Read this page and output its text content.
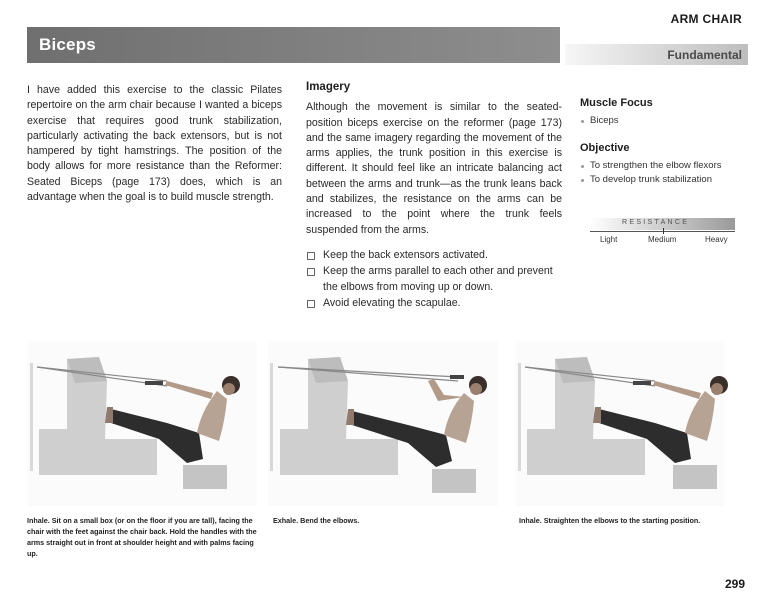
ARM CHAIR
Biceps
Fundamental

I have added this exercise to the classic Pilates repertoire on the arm chair because I wanted a biceps exercise that requires good trunk stabilization, particularly activating the back extensors, but is not hampered by tight hamstrings. The position of the body allows for more resistance than the Reformer: Seated Biceps (page 173) does, which is an advantage when the goal is to build muscle strength.

Imagery

Although the movement is similar to the seated-position biceps exercise on the reformer (page 173) and the same imagery regarding the movement of the arms applies, the trunk position in this exercise is different. It should feel like an intricate balancing act between the arms and trunk—as the trunk leans back and stabilizes, the resistance on the arms can be increased to the point where the trunk feels suspended from the arms.

Keep the back extensors activated.
Keep the arms parallel to each other and prevent the elbows from moving up or down.
Avoid elevating the scapulae.
Muscle Focus
Biceps
Objective
To strengthen the elbow flexors
To develop trunk stabilization
RESISTANCE
Light	Medium	Heavy
Inhale. Sit on a small box (or on the floor if you are tall), facing the chair with the feet against the chair back. Hold the handles with the arms straight out in front at shoulder height and with palms facing up.
Exhale. Bend the elbows.	Inhale. Straighten the elbows to the starting position.
299
